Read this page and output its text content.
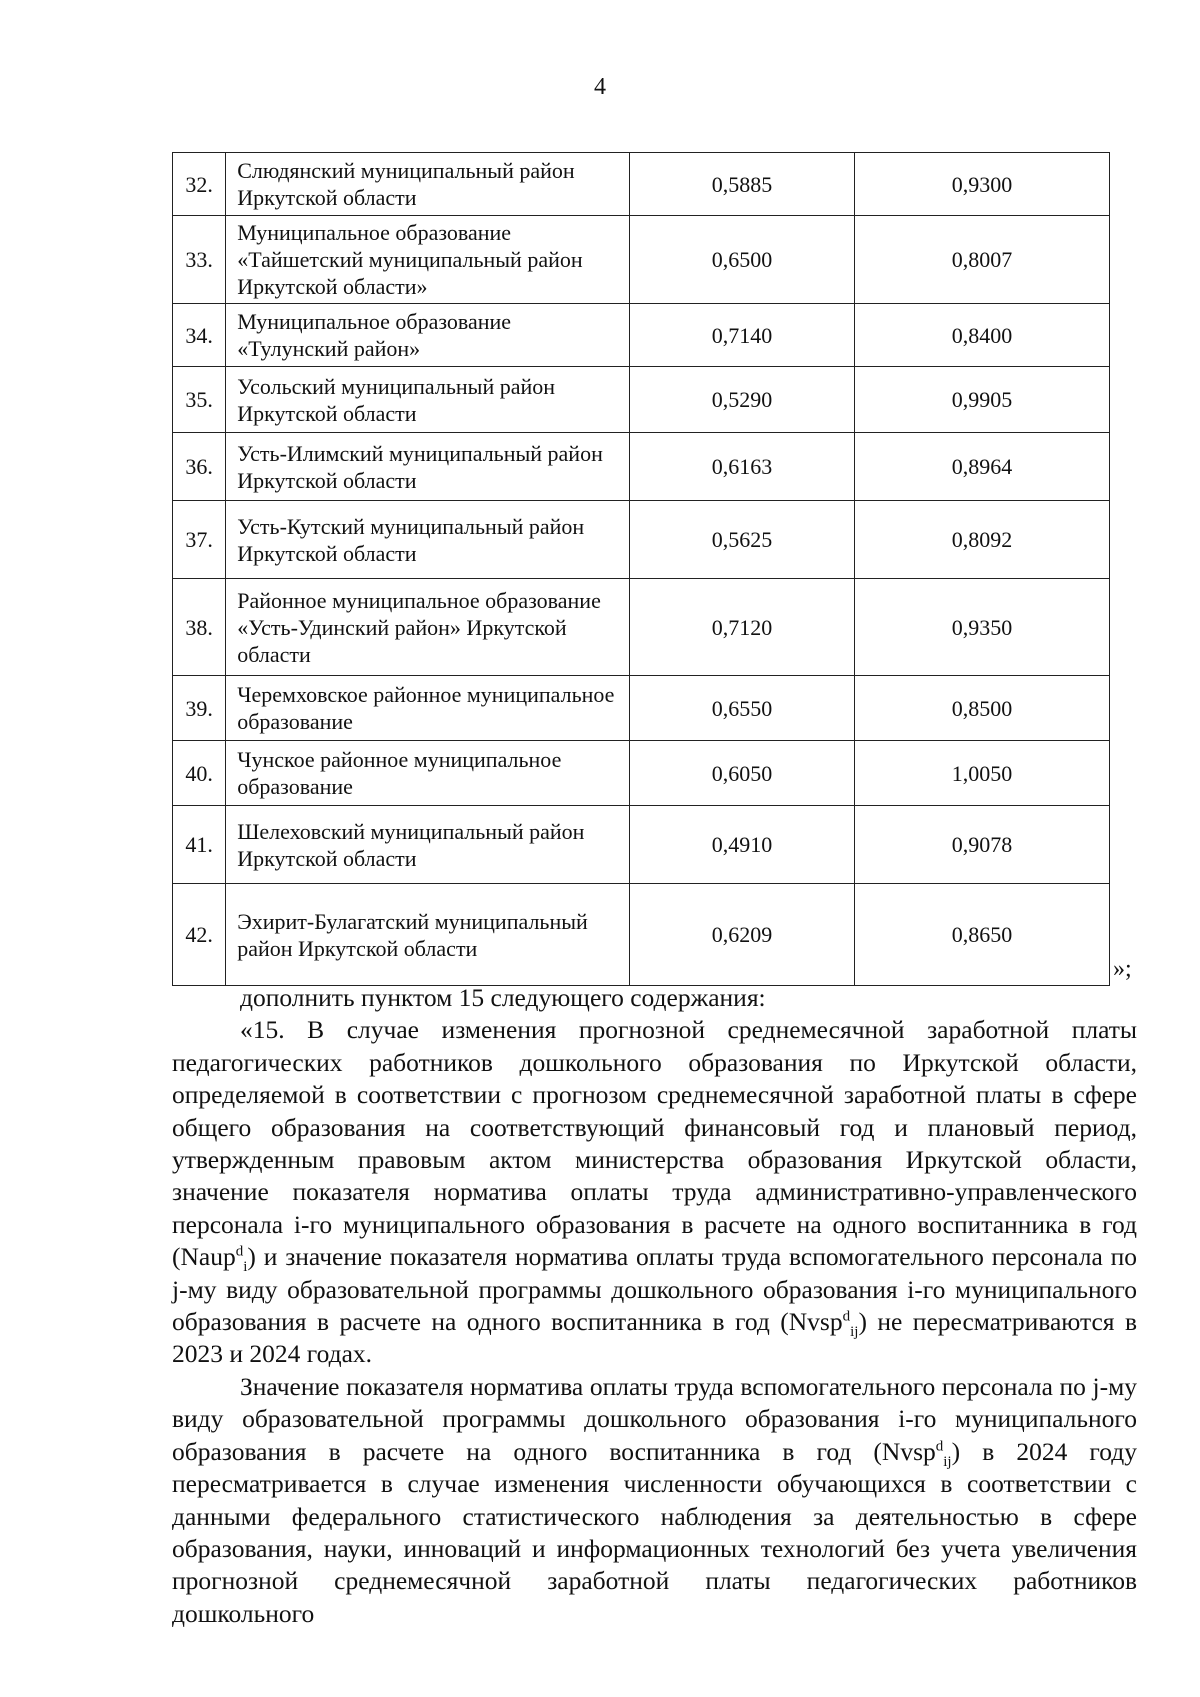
4
32.	Слюдянский муниципальный район Иркутской области	0,5885	0,9300
33.	Муниципальное образование «Тайшетский муниципальный район Иркутской области»	0,6500	0,8007
34.	Муниципальное образование «Тулунский район»	0,7140	0,8400
35.	Усольский муниципальный район Иркутской области	0,5290	0,9905
36.	Усть-Илимский муниципальный район Иркутской области	0,6163	0,8964
37.	Усть-Кутский муниципальный район Иркутской области	0,5625	0,8092
38.	Районное муниципальное образование «Усть-Удинский район» Иркутской области	0,7120	0,9350
39.	Черемховское районное муниципальное образование	0,6550	0,8500
40.	Чунское районное муниципальное образование	0,6050	1,0050
41.	Шелеховский муниципальный район Иркутской области	0,4910	0,9078
42.	Эхирит-Булагатский муниципальный район Иркутской области	0,6209	0,8650
»;

дополнить пунктом 15 следующего содержания:

«15. В случае изменения прогнозной среднемесячной заработной платы педагогических работников дошкольного образования по Иркутской области, определяемой в соответствии с прогнозом среднемесячной заработной платы в сфере общего образования на соответствующий финансовый год и плановый период, утвержденным правовым актом министерства образования Иркутской области, значение показателя норматива оплаты труда административно-управленческого персонала i-го муниципального образования в расчете на одного воспитанника в год (Naup$^d_i$) и значение показателя норматива оплаты труда вспомогательного персонала по j-му виду образовательной программы дошкольного образования i-го муниципального образования в расчете на одного воспитанника в год (Nvsp$^d_{ij}$) не пересматриваются в 2023 и 2024 годах.

Значение показателя норматива оплаты труда вспомогательного персонала по j-му виду образовательной программы дошкольного образования i-го муниципального образования в расчете на одного воспитанника в год (Nvsp$^d_{ij}$) в 2024 году пересматривается в случае изменения численности обучающихся в соответствии с данными федерального статистического наблюдения за деятельностью в сфере образования, науки, инноваций и информационных технологий без учета увеличения прогнозной среднемесячной заработной платы педагогических работников дошкольного
